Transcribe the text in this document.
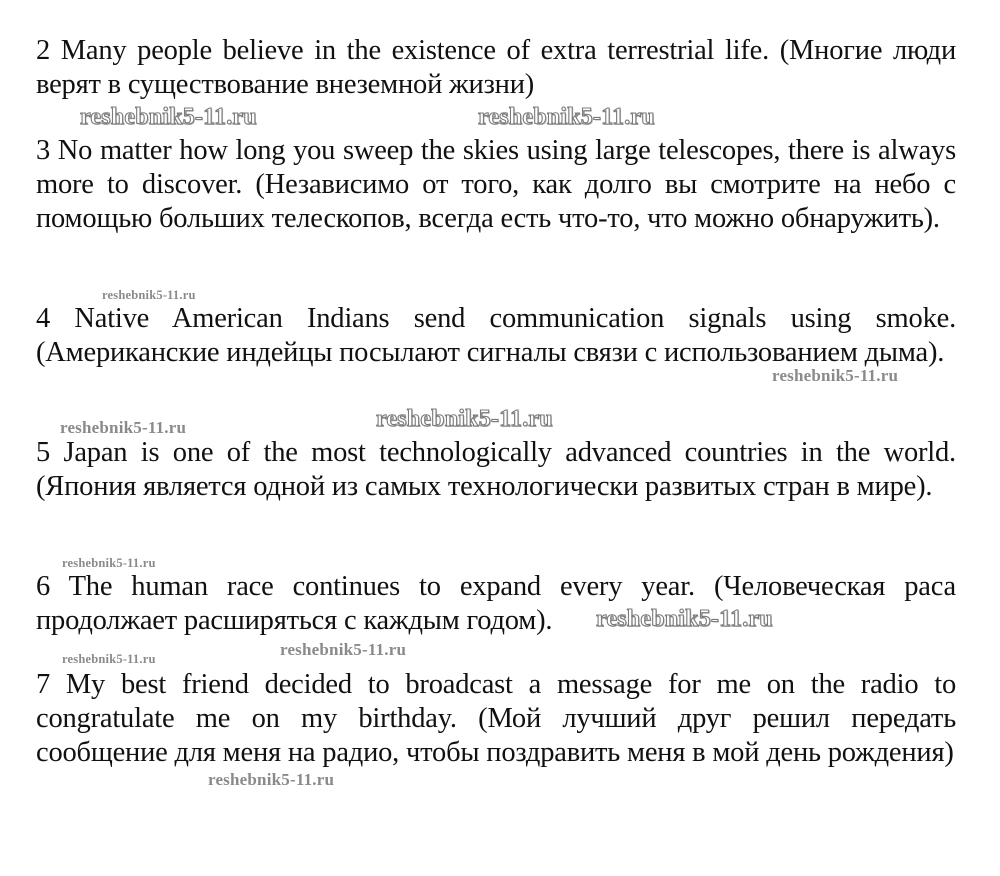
2 Many people believe in the existence of extra terrestrial life. (Многие люди верят в существование внеземной жизни)

3 No matter how long you sweep the skies using large telescopes, there is always more to discover. (Независимо от того, как долго вы смотрите на небо с помощью больших телескопов, всегда есть что-то, что можно обнаружить).

4 Native American Indians send communication signals using smoke. (Американские индейцы посылают сигналы связи с использованием дыма).

5 Japan is one of the most technologically advanced countries in the world. (Япония является одной из самых технологически развитых стран в мире).

6 The human race continues to expand every year. (Человеческая раса продолжает расширяться с каждым годом).

7 My best friend decided to broadcast a message for me on the radio to congratulate me on my birthday. (Мой лучший друг решил передать сообщение для меня на радио, чтобы поздравить меня в мой день рождения)

reshebnik5-11.ru	reshebnik5-11.ru
reshebnik5-11.ru
reshebnik5-11.ru
reshebnik5-11.ru	reshebnik5-11.ru
reshebnik5-11.ru
reshebnik5-11.ru
reshebnik5-11.ru	reshebnik5-11.ru
reshebnik5-11.ru
